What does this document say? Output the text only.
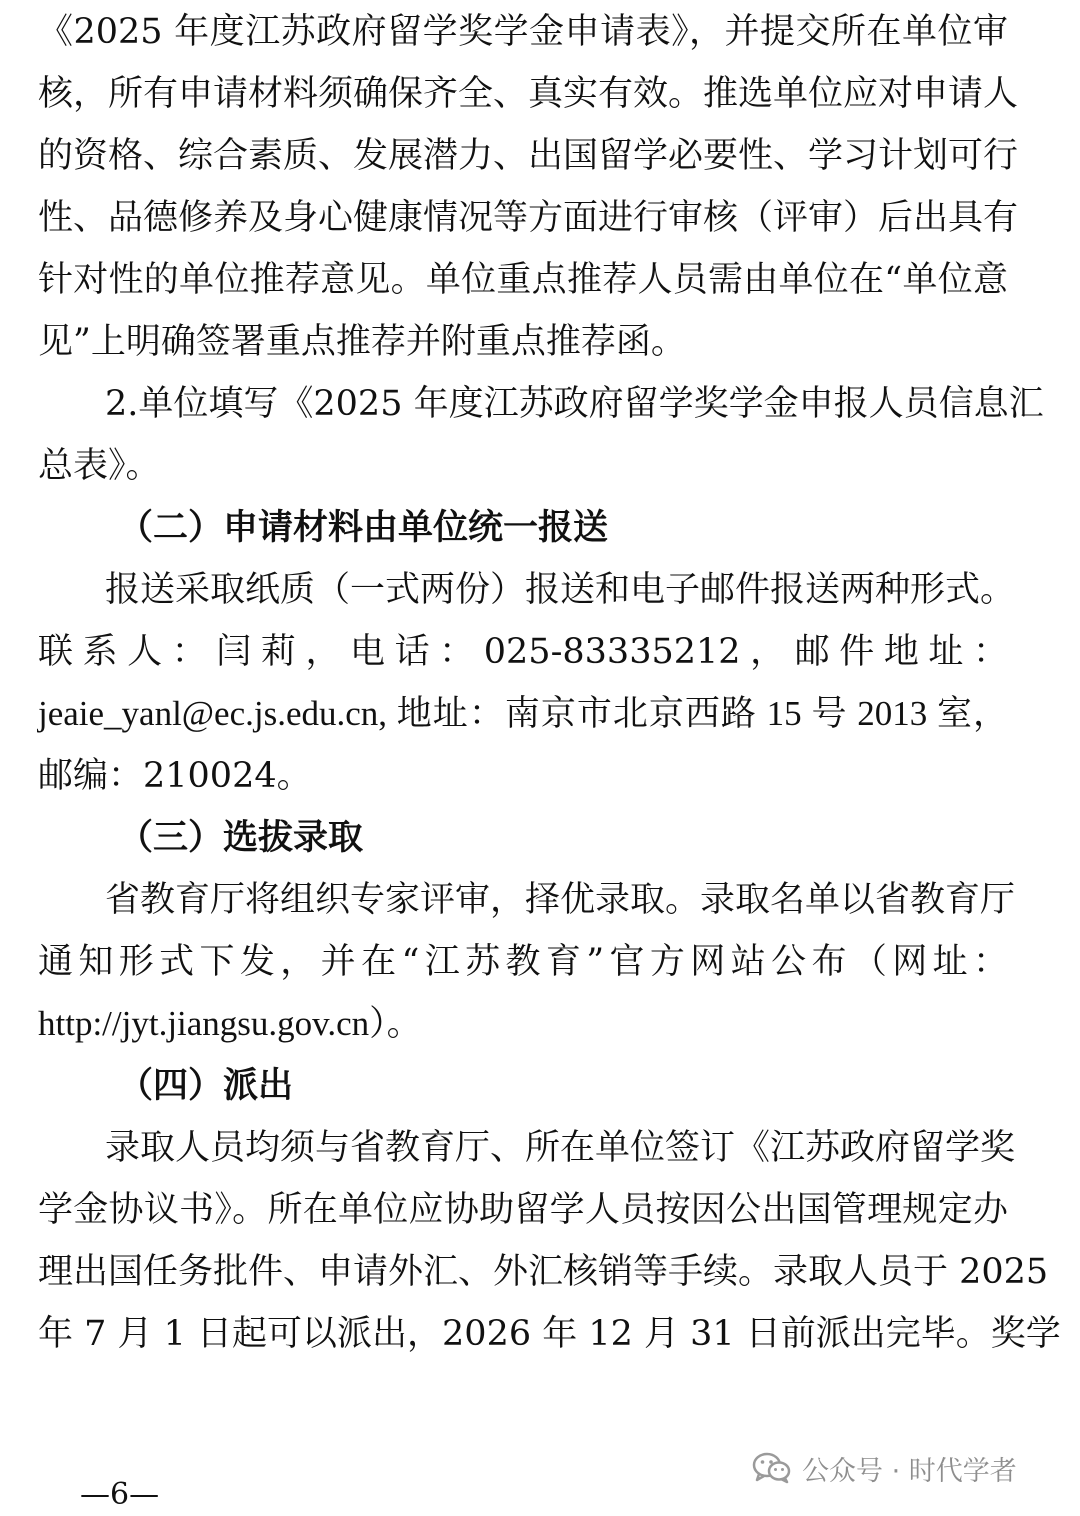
《2025 年度江苏政府留学奖学金申请表》，并提交所在单位审
核，所有申请材料须确保齐全、真实有效。推选单位应对申请人
的资格、综合素质、发展潜力、出国留学必要性、学习计划可行
性、品德修养及身心健康情况等方面进行审核（评审）后出具有
针对性的单位推荐意见。单位重点推荐人员需由单位在“单位意
见”上明确签署重点推荐并附重点推荐函。
2.单位填写《2025 年度江苏政府留学奖学金申报人员信息汇
总表》。
（二）申请材料由单位统一报送
报送采取纸质（一式两份）报送和电子邮件报送两种形式。
联系人：闫莉，电话：025-83335212，邮件地址：
jeaie_yanl@ec.js.edu.cn, 地址：南京市北京西路 15 号 2013 室，
邮编：210024。
（三）选拔录取
省教育厅将组织专家评审，择优录取。录取名单以省教育厅
通知形式下发，并在“江苏教育”官方网站公布（网址：
http://jyt.jiangsu.gov.cn）。
（四）派出
录取人员均须与省教育厅、所在单位签订《江苏政府留学奖
学金协议书》。所在单位应协助留学人员按因公出国管理规定办
理出国任务批件、申请外汇、外汇核销等手续。录取人员于 2025
年 7 月 1 日起可以派出，2026 年 12 月 31 日前派出完毕。奖学
公众号 · 时代学者
—6—
